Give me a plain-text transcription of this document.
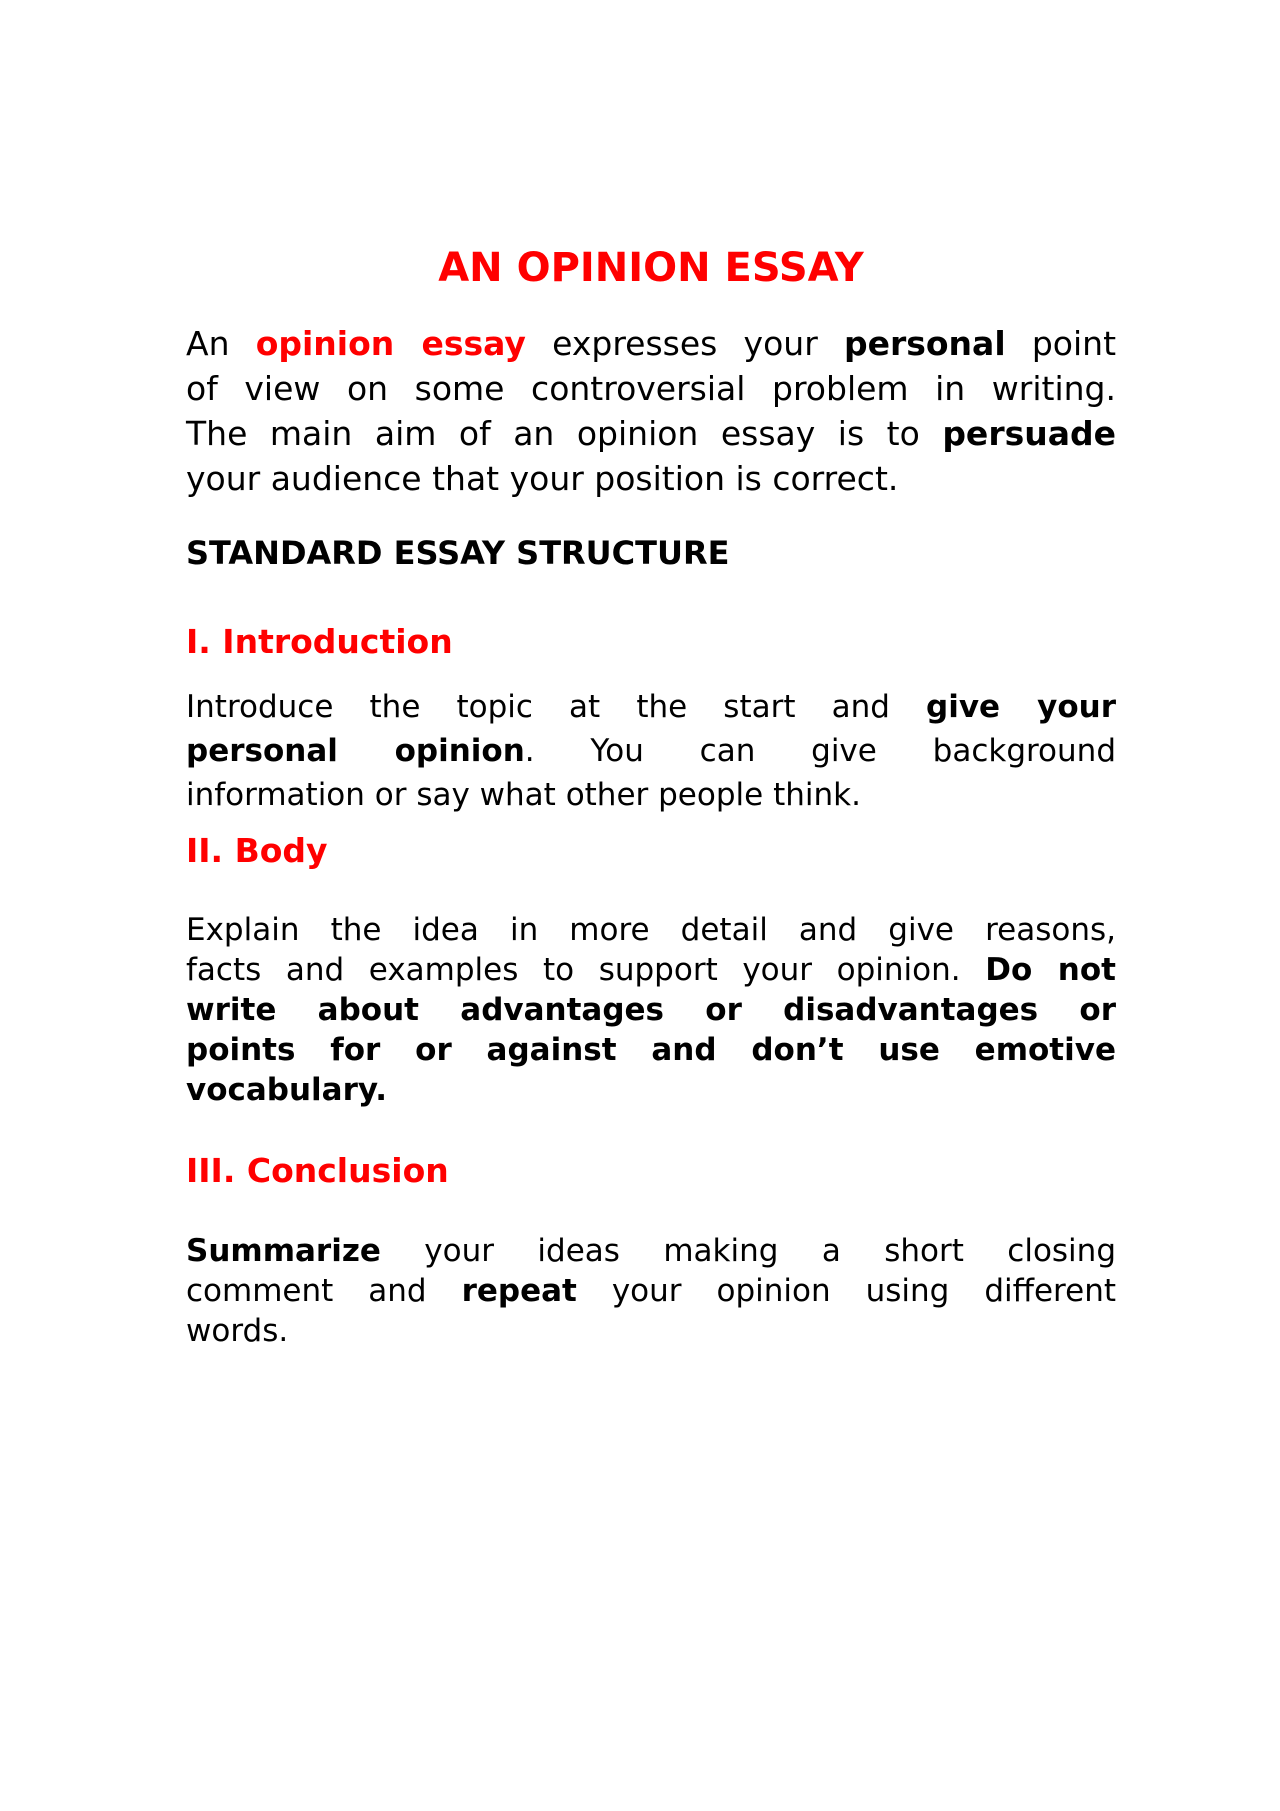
AN OPINION ESSAY
An opinion essay expresses your personal point
of view on some controversial problem in writing.
The main aim of an opinion essay is to persuade
your audience that your position is correct.
STANDARD ESSAY STRUCTURE
I. Introduction
Introduce the topic at the start and give your
personal opinion. You can give background
information or say what other people think.
II. Body
Explain the idea in more detail and give reasons,
facts and examples to support your opinion. Do not
write about advantages or disadvantages or
points for or against and don’t use emotive
vocabulary.
III. Conclusion
Summarize your ideas making a short closing
comment and repeat your opinion using different
words.
